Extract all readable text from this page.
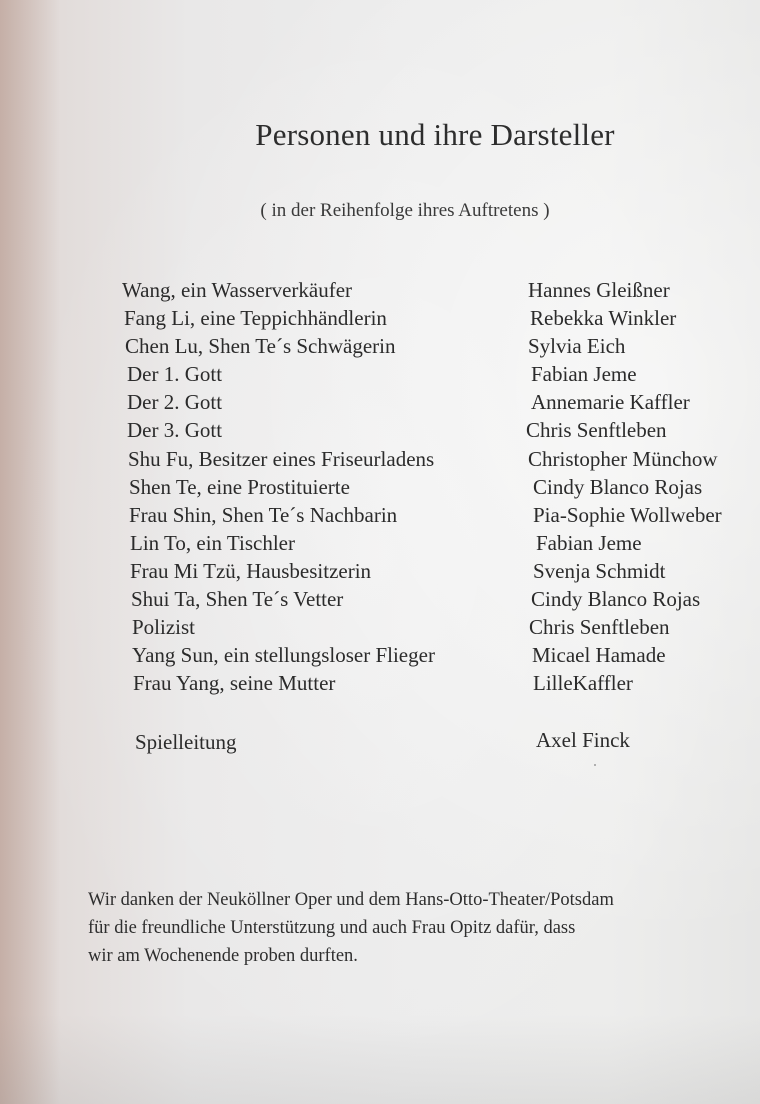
Personen und ihre Darsteller
( in der Reihenfolge ihres Auftretens )
Wang, ein Wasserverkäufer	Hannes Gleißner
Fang Li, eine Teppichhändlerin	Rebekka Winkler
Chen Lu, Shen Te´s Schwägerin	Sylvia Eich
Der 1. Gott	Fabian Jeme
Der 2. Gott	Annemarie Kaffler
Der 3. Gott	Chris Senftleben
Shu Fu, Besitzer eines Friseurladens	Christopher Münchow
Shen Te, eine Prostituierte	Cindy Blanco Rojas
Frau Shin, Shen Te´s Nachbarin	Pia-Sophie Wollweber
Lin To, ein Tischler	Fabian Jeme
Frau Mi Tzü, Hausbesitzerin	Svenja Schmidt
Shui Ta, Shen Te´s Vetter	Cindy Blanco Rojas
Polizist	Chris Senftleben
Yang Sun, ein stellungsloser Flieger	Micael Hamade
Frau Yang, seine Mutter	LilleKaffler
Spielleitung	Axel Finck
Wir danken der Neuköllner Oper und dem Hans-Otto-Theater/Potsdam
für die freundliche Unterstützung und auch Frau Opitz dafür, dass
wir am Wochenende proben durften.
